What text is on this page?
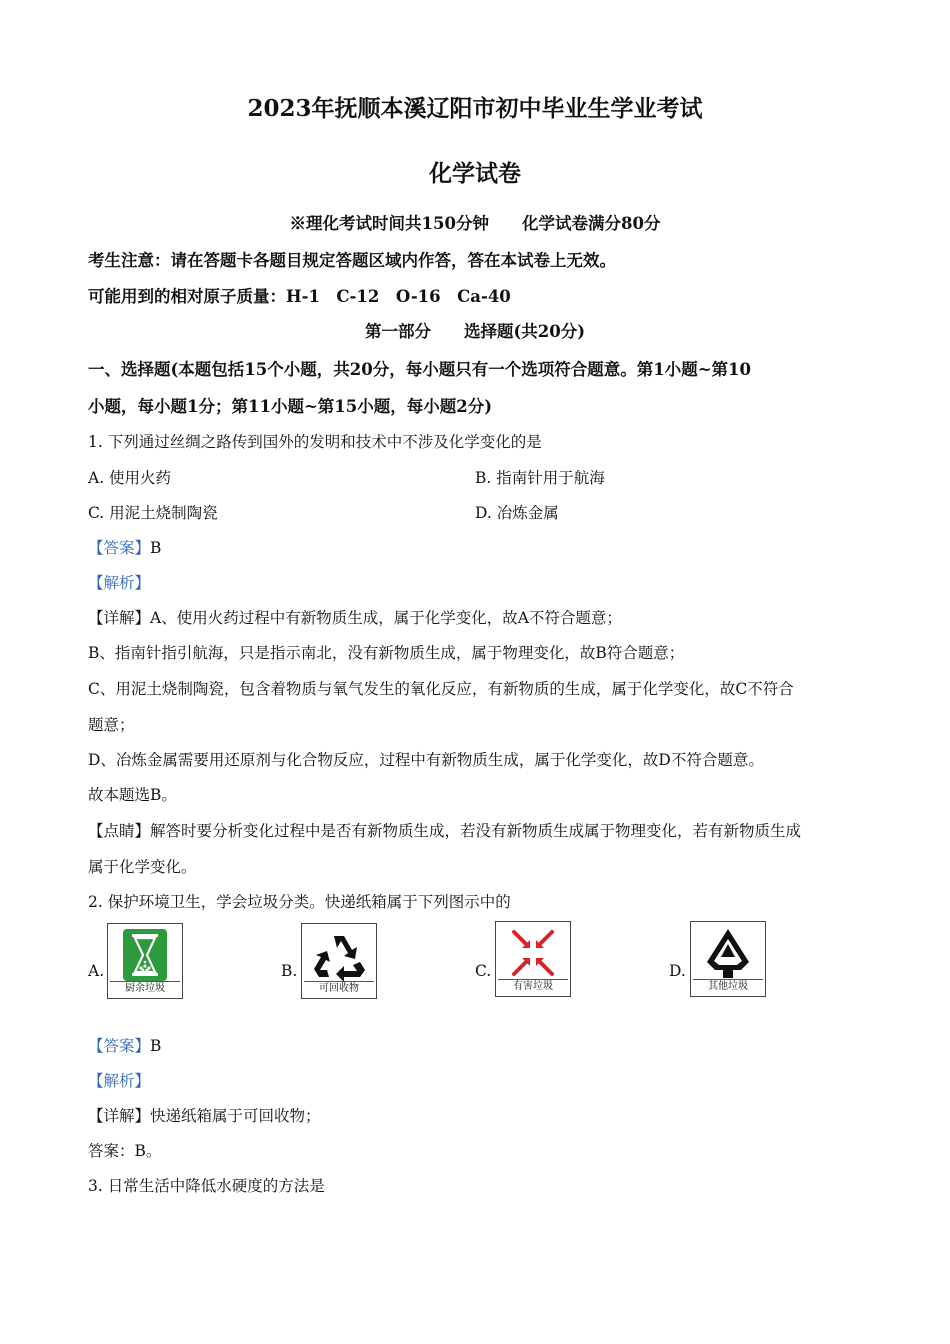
2023年抚顺本溪辽阳市初中毕业生学业考试
化学试卷
※理化考试时间共150分钟　　化学试卷满分80分
考生注意：请在答题卡各题目规定答题区域内作答，答在本试卷上无效。
可能用到的相对原子质量：H-1　C-12　O-16　Ca-40
第一部分　　选择题(共20分)
一、选择题(本题包括15个小题，共20分，每小题只有一个选项符合题意。第1小题~第10
小题，每小题1分；第11小题~第15小题，每小题2分)
1. 下列通过丝绸之路传到国外的发明和技术中不涉及化学变化的是
A. 使用火药	B. 指南针用于航海
C. 用泥土烧制陶瓷	D. 冶炼金属
【答案】B
【解析】
【详解】A、使用火药过程中有新物质生成，属于化学变化，故A不符合题意；
B、指南针指引航海，只是指示南北，没有新物质生成，属于物理变化，故B符合题意；
C、用泥土烧制陶瓷，包含着物质与氧气发生的氧化反应，有新物质的生成，属于化学变化，故C不符合
题意；
D、冶炼金属需要用还原剂与化合物反应，过程中有新物质生成，属于化学变化，故D不符合题意。
故本题选B。
【点睛】解答时要分析变化过程中是否有新物质生成，若没有新物质生成属于物理变化，若有新物质生成
属于化学变化。
2. 保护环境卫生，学会垃圾分类。快递纸箱属于下列图示中的
A.
厨余垃圾
B.
可回收物
C.
有害垃圾
D.
其他垃圾
【答案】B
【解析】
【详解】快递纸箱属于可回收物；
答案：B。
3. 日常生活中降低水硬度的方法是
